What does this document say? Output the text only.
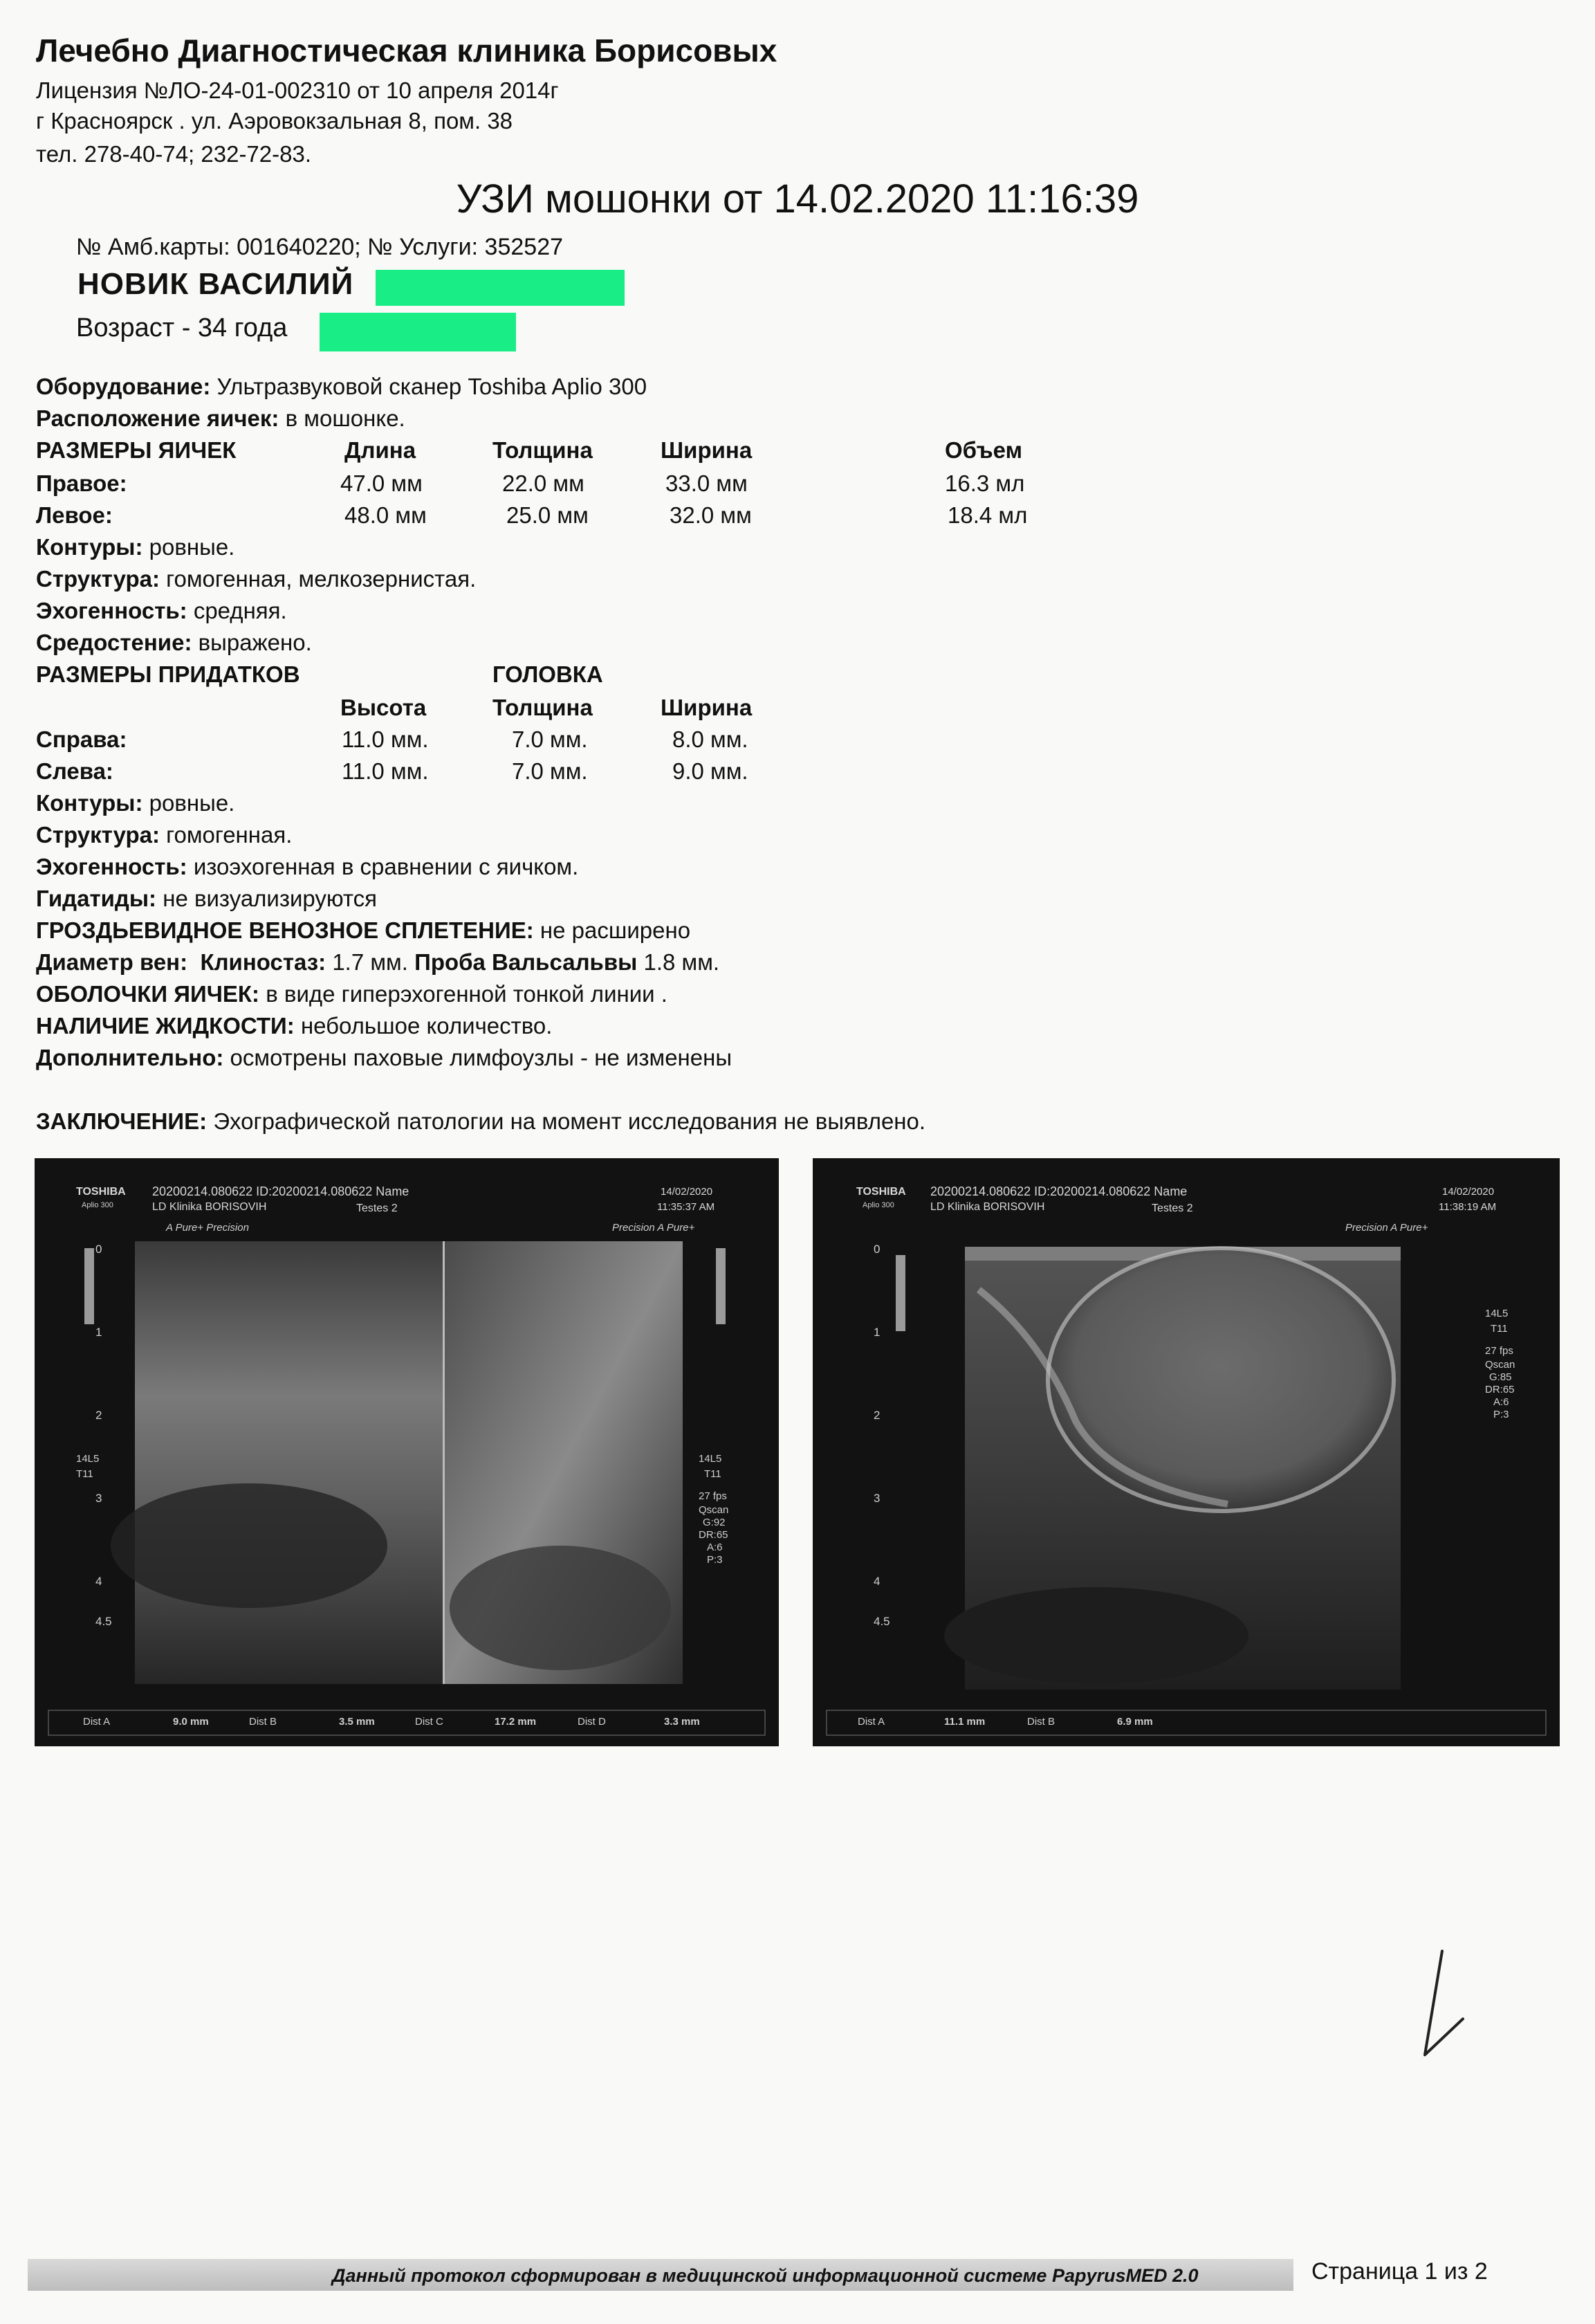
Лечебно Диагностическая клиника Борисовых
Лицензия №ЛО-24-01-002310 от 10 апреля 2014г
г Красноярск . ул. Аэровокзальная 8, пом. 38
тел. 278-40-74; 232-72-83.
УЗИ мошонки от 14.02.2020 11:16:39
№ Амб.карты: 001640220; № Услуги: 352527
НОВИК ВАСИЛИЙ
Возраст - 34 года
Оборудование: Ультразвуковой сканер Toshiba Aplio 300
Расположение яичек: в мошонке.
РАЗМЕРЫ ЯИЧЕК	Длина	Толщина	Ширина	Объем
Правое:	47.0 мм	22.0 мм	33.0 мм	16.3 мл
Левое:	48.0 мм	25.0 мм	32.0 мм	18.4 мл
Контуры: ровные.
Структура: гомогенная, мелкозернистая.
Эхогенность: средняя.
Средостение: выражено.
РАЗМЕРЫ ПРИДАТКОВ	ГОЛОВКА
Высота	Толщина	Ширина
Справа:	11.0 мм.	7.0 мм.	8.0 мм.
Слева:	11.0 мм.	7.0 мм.	9.0 мм.
Контуры: ровные.
Структура: гомогенная.
Эхогенность: изоэхогенная в сравнении с яичком.
Гидатиды: не визуализируются
ГРОЗДЬЕВИДНОЕ ВЕНОЗНОЕ СПЛЕТЕНИЕ: не расширено
Диаметр вен: Клиностаз: 1.7 мм. Проба Вальсальвы 1.8 мм.
ОБОЛОЧКИ ЯИЧЕК: в виде гиперэхогенной тонкой линии .
НАЛИЧИЕ ЖИДКОСТИ: небольшое количество.
Дополнительно: осмотрены паховые лимфоузлы - не изменены
ЗАКЛЮЧЕНИЕ: Эхографической патологии на момент исследования не выявлено.
TOSHIBA
Aplio 300
20200214.080622 ID:20200214.080622 Name
LD Klinika BORISOVIH	Testes 2
14/02/2020
11:35:37 AM
A Pure+ Precision	Precision A Pure+
0
1
2
3
4
4.5
14L5
T11
14L5
T11
27 fps
Qscan
G:92
DR:65
A:6
P:3
Dist A	9.0 mm	Dist B	3.5 mm	Dist C	17.2 mm	Dist D	3.3 mm
TOSHIBA
Aplio 300
20200214.080622 ID:20200214.080622 Name
LD Klinika BORISOVIH	Testes 2
14/02/2020
11:38:19 AM
Precision A Pure+
0
1
2
3
4
4.5
14L5
T11
27 fps
Qscan
G:85
DR:65
A:6
P:3
Dist A	11.1 mm	Dist B	6.9 mm
Данный протокол сформирован в медицинской информационной системе PapyrusMED 2.0	Страница 1 из 2
